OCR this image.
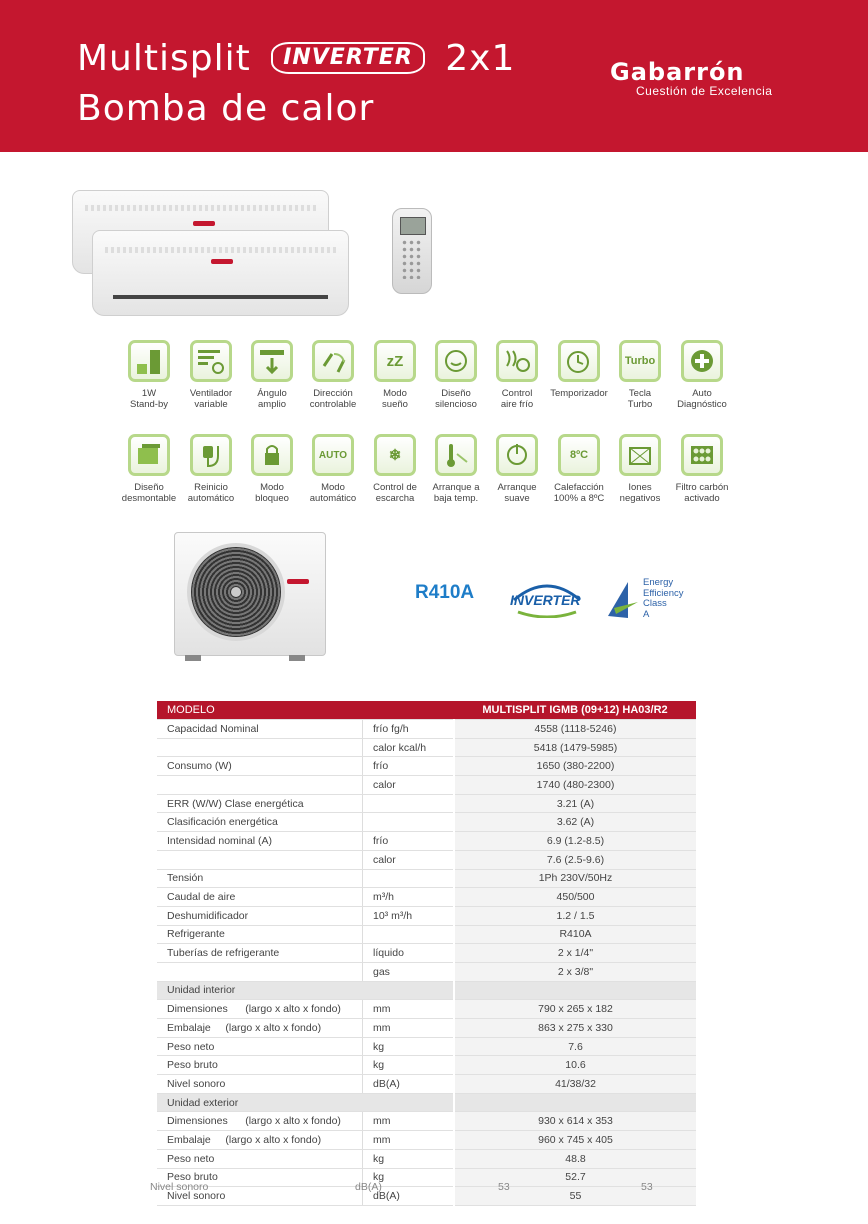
Multisplit INVERTER 2x1
Bomba de calor
Gabarrón
Cuestión de Excelencia
1W
Stand-by
Ventilador
variable
Ángulo
amplio
Dirección
controlable
zZ
Modo
sueño
Diseño
silencioso
Control
aire frío
Temporizador
Turbo
Tecla
Turbo
Auto
Diagnóstico
Diseño
desmontable
Reinicio
automático
Modo
bloqueo
AUTO
Modo
automático
❄
Control de
escarcha
Arranque a
baja temp.
Arranque
suave
8ºC
Calefacción
100% a 8ºC
Iones
negativos
Filtro carbón
activado
R410A	INVERTER
Energy
Efficiency
Class
A
MODELO		MULTISPLIT IGMB (09+12) HA03/R2
Capacidad Nominal	frío fg/h	4558 (1118-5246)
	calor kcal/h	5418 (1479-5985)
Consumo (W)	frío	1650 (380-2200)
	calor	1740 (480-2300)
ERR (W/W) Clase energética		3.21 (A)
Clasificación energética		3.62 (A)
Intensidad nominal (A)	frío	6.9 (1.2-8.5)
	calor	7.6 (2.5-9.6)
Tensión		1Ph 230V/50Hz
Caudal de aire	m³/h	450/500
Deshumidificador	10³ m³/h	1.2 / 1.5
Refrigerante		R410A
Tuberías de refrigerante	líquido	2 x 1/4"
	gas	2 x 3/8"
Unidad interior		
Dimensiones      (largo x alto x fondo)	mm	790 x 265 x 182
Embalaje     (largo x alto x fondo)	mm	863 x 275 x 330
Peso neto	kg	7.6
Peso bruto	kg	10.6
Nivel sonoro	dB(A)	41/38/32
Unidad exterior		
Dimensiones      (largo x alto x fondo)	mm	930 x 614 x 353
Embalaje     (largo x alto x fondo)	mm	960 x 745 x 405
Peso neto	kg	48.8
Peso bruto	kg	52.7
Nivel sonoro	dB(A)	55
Nivel sonoro	dB(A)	53	53
